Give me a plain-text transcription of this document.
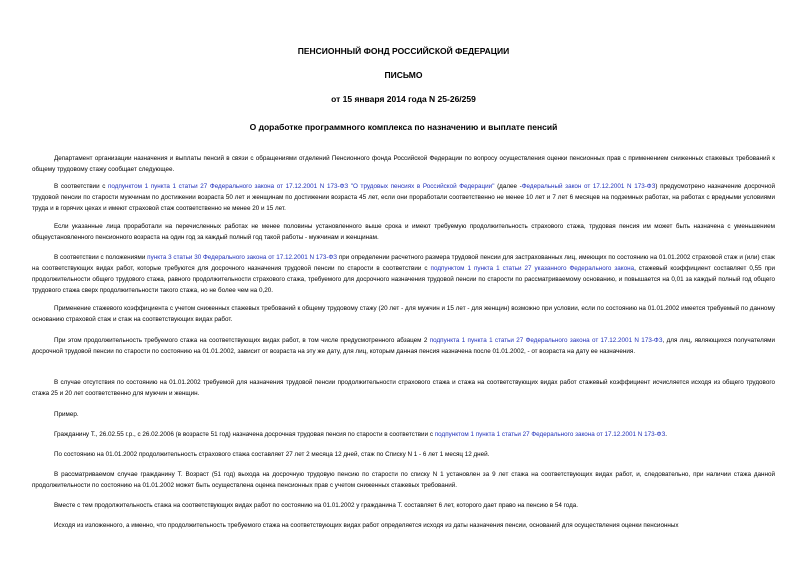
ПЕНСИОННЫЙ ФОНД РОССИЙСКОЙ ФЕДЕРАЦИИ
ПИСЬМО
от 15 января 2014 года N 25-26/259
О доработке программного комплекса по назначению и выплате пенсий

Департамент организации назначения и выплаты пенсий в связи с обращениями отделений Пенсионного фонда Российской Федерации по вопросу осуществления оценки пенсионных прав с применением сниженных стажевых требований к общему трудовому стажу сообщает следующее.

В соответствии с подпунктом 1 пункта 1 статьи 27 Федерального закона от 17.12.2001 N 173-ФЗ "О трудовых пенсиях в Российской Федерации" (далее -Федеральный закон от 17.12.2001 N 173-ФЗ) предусмотрено назначение досрочной трудовой пенсии по старости мужчинам по достижении возраста 50 лет и женщинам по достижении возраста 45 лет, если они проработали соответственно не менее 10 лет и 7 лет 6 месяцев на подземных работах, на работах с вредными условиями труда и в горячих цехах и имеют страховой стаж соответственно не менее 20 и 15 лет.

Если указанные лица проработали на перечисленных работах не менее половины установленного выше срока и имеют требуемую продолжительность страхового стажа, трудовая пенсия им может быть назначена с уменьшением общеустановленного пенсионного возраста на один год за каждый полный год такой работы - мужчинам и женщинам.

В соответствии с положениями пункта 3 статьи 30 Федерального закона от 17.12.2001 N 173-ФЗ при определении расчетного размера трудовой пенсии для застрахованных лиц, имеющих по состоянию на 01.01.2002 страховой стаж и (или) стаж на соответствующих видах работ, которые требуются для досрочного назначения трудовой пенсии по старости в соответствии с подпунктом 1 пункта 1 статьи 27 указанного Федерального закона, стажевый коэффициент составляет 0,55 при продолжительности общего трудового стажа, равного продолжительности страхового стажа, требуемого для досрочного назначения трудовой пенсии по старости по рассматриваемому основанию, и повышается на 0,01 за каждый полный год общего трудового стажа сверх продолжительности такого стажа, но не более чем на 0,20.

Применение стажевого коэффициента с учетом сниженных стажевых требований к общему трудовому стажу (20 лет - для мужчин и 15 лет - для женщин) возможно при условии, если по состоянию на 01.01.2002 имеется требуемый по данному основанию страховой стаж и стаж на соответствующих видах работ.

При этом продолжительность требуемого стажа на соответствующих видах работ, в том числе предусмотренного абзацем 2 подпункта 1 пункта 1 статьи 27 Федерального закона от 17.12.2001 N 173-ФЗ, для лиц, являющихся получателями досрочной трудовой пенсии по старости по состоянию на 01.01.2002, зависит от возраста на эту же дату, для лиц, которым данная пенсия назначена после 01.01.2002, - от возраста на дату ее назначения.

В случае отсутствия по состоянию на 01.01.2002 требуемой для назначения трудовой пенсии продолжительности страхового стажа и стажа на соответствующих видах работ стажевый коэффициент исчисляется исходя из общего трудового стажа 25 и 20 лет соответственно для мужчин и женщин.

Пример.

Гражданину Т., 26.02.55 г.р., с 26.02.2006 (в возрасте 51 год) назначена досрочная трудовая пенсия по старости в соответствии с подпунктом 1 пункта 1 статьи 27 Федерального закона от 17.12.2001 N 173-ФЗ.

По состоянию на 01.01.2002 продолжительность страхового стажа составляет 27 лет 2 месяца 12 дней, стаж по Списку N 1 - 6 лет 1 месяц 12 дней.

В рассматриваемом случае гражданину Т. Возраст (51 год) выхода на досрочную трудовую пенсию по старости по списку N 1 установлен за 9 лет стажа на соответствующих видах работ, и, следовательно, при наличии стажа данной продолжительности по состоянию на 01.01.2002 может быть осуществлена оценка пенсионных прав с учетом сниженных стажевых требований.

Вместе с тем продолжительность стажа на соответствующих видах работ по состоянию на 01.01.2002 у гражданина Т. составляет 6 лет, которого дает право на пенсию в 54 года.

Исходя из изложенного, а именно, что продолжительность требуемого стажа на соответствующих видах работ определяется исходя из даты назначения пенсии, оснований для осуществления оценки пенсионных
